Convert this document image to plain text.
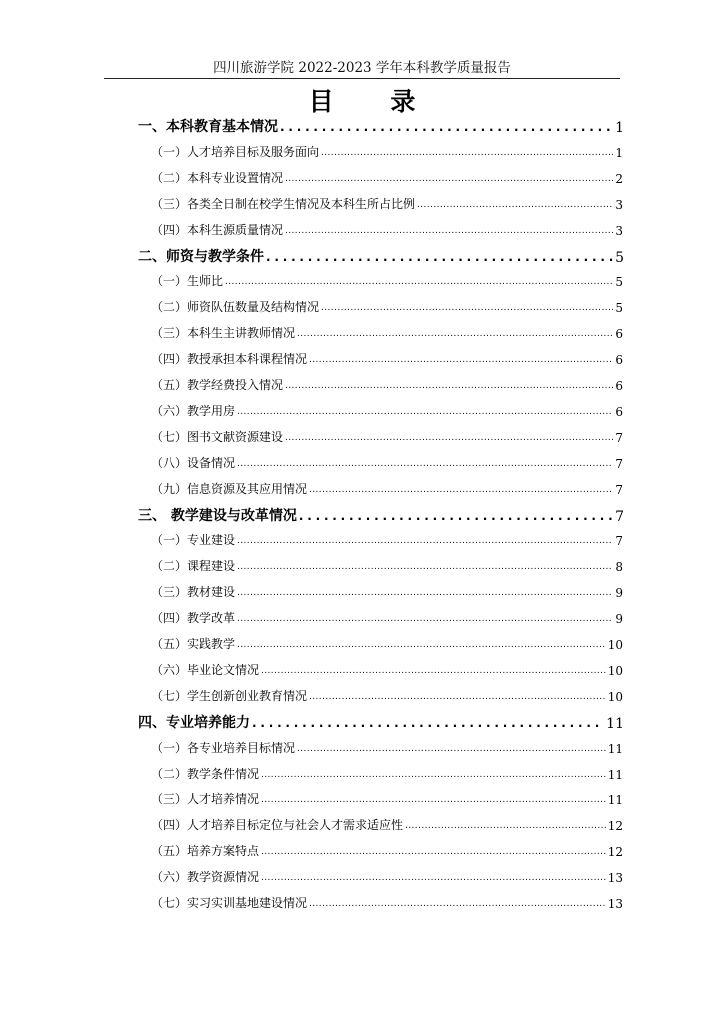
四川旅游学院 2022-2023 学年本科教学质量报告
目 录
一、本科教育基本情况 .....	1
（一）人才培养目标及服务面向 .....	1
（二）本科专业设置情况 .....	2
（三）各类全日制在校学生情况及本科生所占比例 .....	3
（四）本科生源质量情况 .....	3
二、师资与教学条件 .....	5
（一）生师比 .....	5
（二）师资队伍数量及结构情况 .....	5
（三）本科生主讲教师情况 .....	6
（四）教授承担本科课程情况 .....	6
（五）教学经费投入情况 .....	6
（六）教学用房 .....	6
（七）图书文献资源建设 .....	7
（八）设备情况 .....	7
（九）信息资源及其应用情况 .....	7
三、 教学建设与改革情况 .....	7
（一）专业建设 .....	7
（二）课程建设 .....	8
（三）教材建设 .....	9
（四）教学改革 .....	9
（五）实践教学 .....	10
（六）毕业论文情况 .....	10
（七）学生创新创业教育情况 .....	10
四、专业培养能力 .....	11
（一）各专业培养目标情况 .....	11
（二）教学条件情况 .....	11
（三）人才培养情况 .....	11
（四）人才培养目标定位与社会人才需求适应性 .....	12
（五）培养方案特点 .....	12
（六）教学资源情况 .....	13
（七）实习实训基地建设情况 .....	13
